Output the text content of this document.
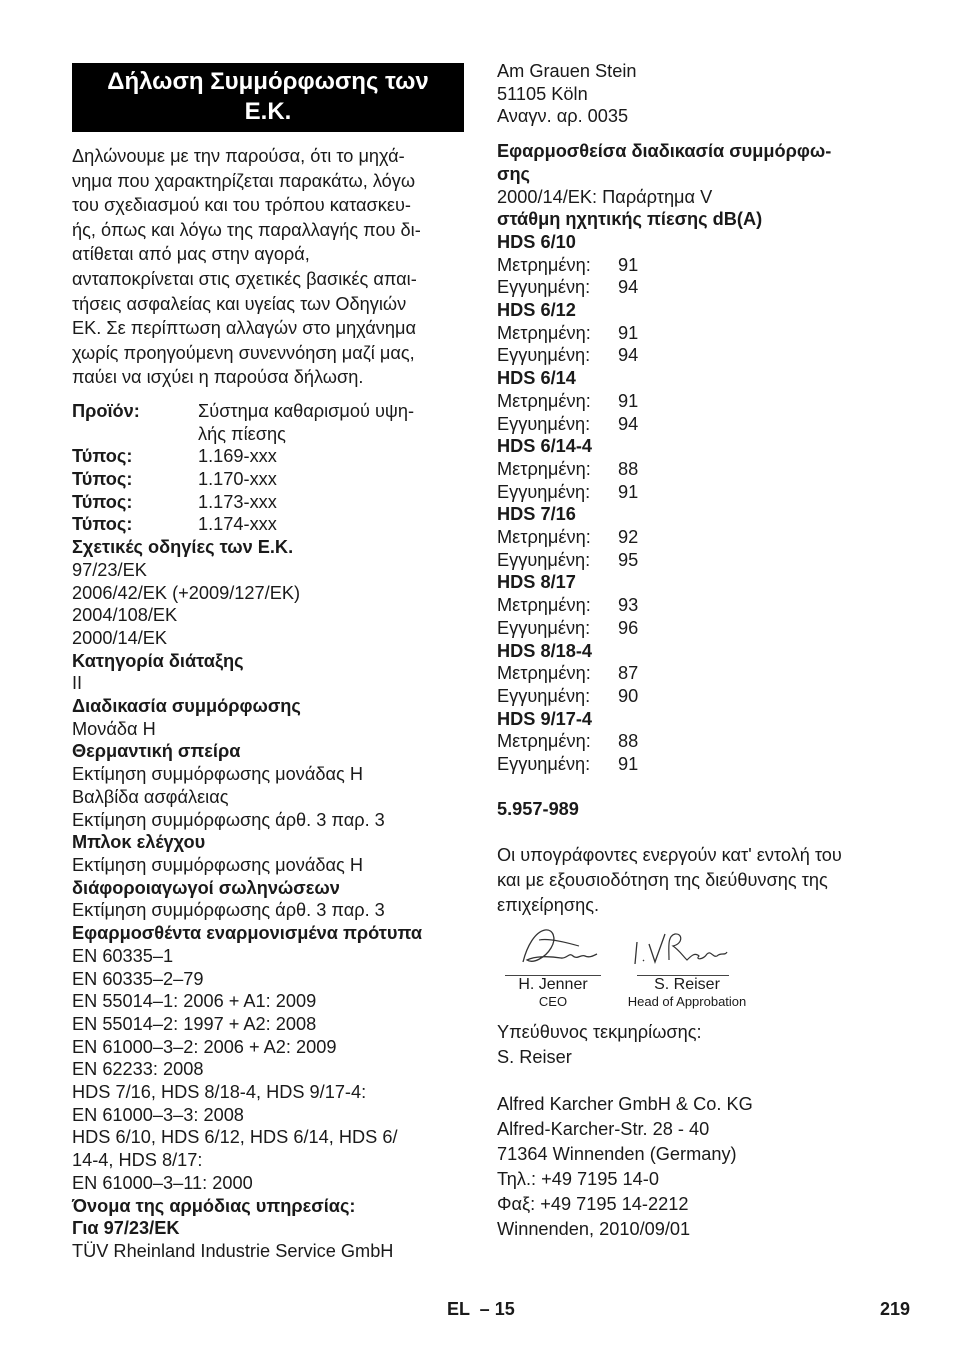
Δήλωση Συμμόρφωσης των
Ε.Κ.
Δηλώνουμε με την παρούσα, ότι το μηχά-
νημα που χαρακτηρίζεται παρακάτω, λόγω
του σχεδιασμού και του τρόπου κατασκευ-
ής, όπως και λόγω της παραλλαγής που δι-
ατίθεται από μας στην αγορά,
ανταποκρίνεται στις σχετικές βασικές απαι-
τήσεις ασφαλείας και υγείας των Οδηγιών
ΕΚ. Σε περίπτωση αλλαγών στο μηχάνημα
χωρίς προηγούμενη συνεννόηση μαζί μας,
παύει να ισχύει η παρούσα δήλωση.
Προϊόν:	Σύστημα καθαρισμού υψη-
λής πίεσης
Τύπος:	1.169-xxx
Τύπος:	1.170-xxx
Τύπος:	1.173-xxx
Τύπος:	1.174-xxx
Σχετικές οδηγίες των Ε.Κ.
97/23/ΕΚ
2006/42/ΕΚ (+2009/127/ΕΚ)
2004/108/ΕΚ
2000/14/ΕΚ
Κατηγορία διάταξης
II
Διαδικασία συμμόρφωσης
Μονάδα H
Θερμαντική σπείρα
Εκτίμηση συμμόρφωσης μονάδας H
Βαλβίδα ασφάλειας
Εκτίμηση συμμόρφωσης άρθ. 3 παρ. 3
Μπλοκ ελέγχου
Εκτίμηση συμμόρφωσης μονάδας H
διάφοροιαγωγοί σωληνώσεων
Εκτίμηση συμμόρφωσης άρθ. 3 παρ. 3
Εφαρμοσθέντα εναρμονισμένα πρότυπα
EN 60335–1
EN 60335–2–79
EN 55014–1: 2006 + A1: 2009
EN 55014–2: 1997 + A2: 2008
EN 61000–3–2: 2006 + A2: 2009
EN 62233: 2008
HDS 7/16, HDS 8/18-4, HDS 9/17-4:
EN 61000–3–3: 2008
HDS 6/10, HDS 6/12, HDS 6/14, HDS 6/
14-4, HDS 8/17:
EN 61000–3–11: 2000
Όνομα της αρμόδιας υπηρεσίας:
Για 97/23/ΕΚ
TÜV Rheinland Industrie Service GmbH
Am Grauen Stein
51105 Köln
Αναγν. αρ. 0035
Εφαρμοσθείσα διαδικασία συμμόρφω-
σης
2000/14/ΕΚ: Παράρτημα V
στάθμη ηχητικής πίεσης dB(A)
HDS 6/10
Μετρημένη:	91
Εγγυημένη:	94
HDS 6/12
Μετρημένη:	91
Εγγυημένη:	94
HDS 6/14
Μετρημένη:	91
Εγγυημένη:	94
HDS 6/14-4
Μετρημένη:	88
Εγγυημένη:	91
HDS 7/16
Μετρημένη:	92
Εγγυημένη:	95
HDS 8/17
Μετρημένη:	93
Εγγυημένη:	96
HDS 8/18-4
Μετρημένη:	87
Εγγυημένη:	90
HDS 9/17-4
Μετρημένη:	88
Εγγυημένη:	91
5.957-989
Οι υπογράφοντες ενεργούν κατ' εντολή του
και με εξουσιοδότηση της διεύθυνσης της
επιχείρησης.
H. Jenner
CEO
S. Reiser
Head of Approbation
Υπεύθυνος τεκμηρίωσης:
S. Reiser
Alfred Karcher GmbH & Co. KG
Alfred-Karcher-Str. 28 - 40
71364 Winnenden (Germany)
Τηλ.: +49 7195 14-0
Φαξ: +49 7195 14-2212
Winnenden, 2010/09/01
EL  – 15	219
